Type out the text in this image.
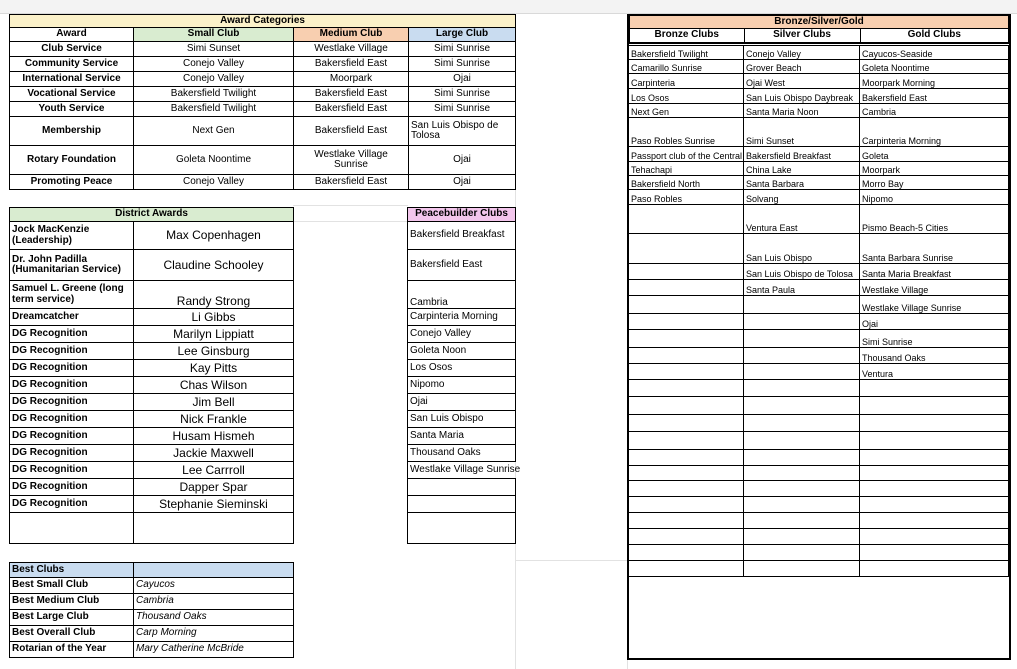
Award Categories			
Award	Small Club	Medium Club	Large Club
Club Service	Simi Sunset	Westlake Village	Simi Sunrise
Community Service	Conejo Valley	Bakersfield East	Simi Sunrise
International Service	Conejo Valley	Moorpark	Ojai
Vocational Service	Bakersfield Twilight	Bakersfield East	Simi Sunrise
Youth Service	Bakersfield Twilight	Bakersfield East	Simi Sunrise
Membership	Next Gen	Bakersfield East	San Luis Obispo de Tolosa
Rotary Foundation	Goleta Noontime	Westlake Village Sunrise	Ojai
Promoting Peace	Conejo Valley	Bakersfield East	Ojai
District Awards	
Jock MacKenzie (Leadership)	Max Copenhagen
Dr. John Padilla (Humanitarian Service)	Claudine Schooley
Samuel L. Greene (long term service)	Randy Strong
Dreamcatcher	Li Gibbs
DG Recognition	Marilyn Lippiatt
DG Recognition	Lee Ginsburg
DG Recognition	Kay Pitts
DG Recognition	Chas Wilson
DG Recognition	Jim Bell
DG Recognition	Nick Frankle
DG Recognition	Husam Hismeh
DG Recognition	Jackie Maxwell
DG Recognition	Lee Carrroll
DG Recognition	Dapper Spar
DG Recognition	Stephanie Sieminski

Peacebuilder Clubs
Bakersfield Breakfast
Bakersfield East
Cambria
Carpinteria Morning
Conejo Valley
Goleta Noon
Los Osos
Nipomo
Ojai
San Luis Obispo
Santa Maria
Thousand Oaks
Westlake Village Sunrise

Best Clubs	
Best Small Club	Cayucos
Best Medium Club	Cambria
Best Large Club	Thousand Oaks
Best Overall Club	Carp Morning
Rotarian of the Year	Mary Catherine McBride
Bronze/Silver/Gold
Bronze Clubs	Silver Clubs	Gold Clubs
Bakersfield Twilight	Conejo Valley	Cayucos-Seaside
Camarillo Sunrise	Grover Beach	Goleta Noontime
Carpinteria	Ojai West	Moorpark Morning
Los Osos	San Luis Obispo Daybreak	Bakersfield East
Next Gen	Santa Maria Noon	Cambria
Paso Robles Sunrise	Simi Sunset	Carpinteria Morning
Passport club of the Central	Bakersfield Breakfast	Goleta
Tehachapi	China Lake	Moorpark
Bakersfield North	Santa Barbara	Morro Bay
Paso Robles	Solvang	Nipomo
	Ventura East	Pismo Beach-5 Cities
	San Luis Obispo	Santa Barbara Sunrise
	San Luis Obispo de Tolosa	Santa Maria Breakfast
	Santa Paula	Westlake Village
		Westlake Village Sunrise
		Ojai
		Simi Sunrise
		Thousand Oaks
		Ventura
